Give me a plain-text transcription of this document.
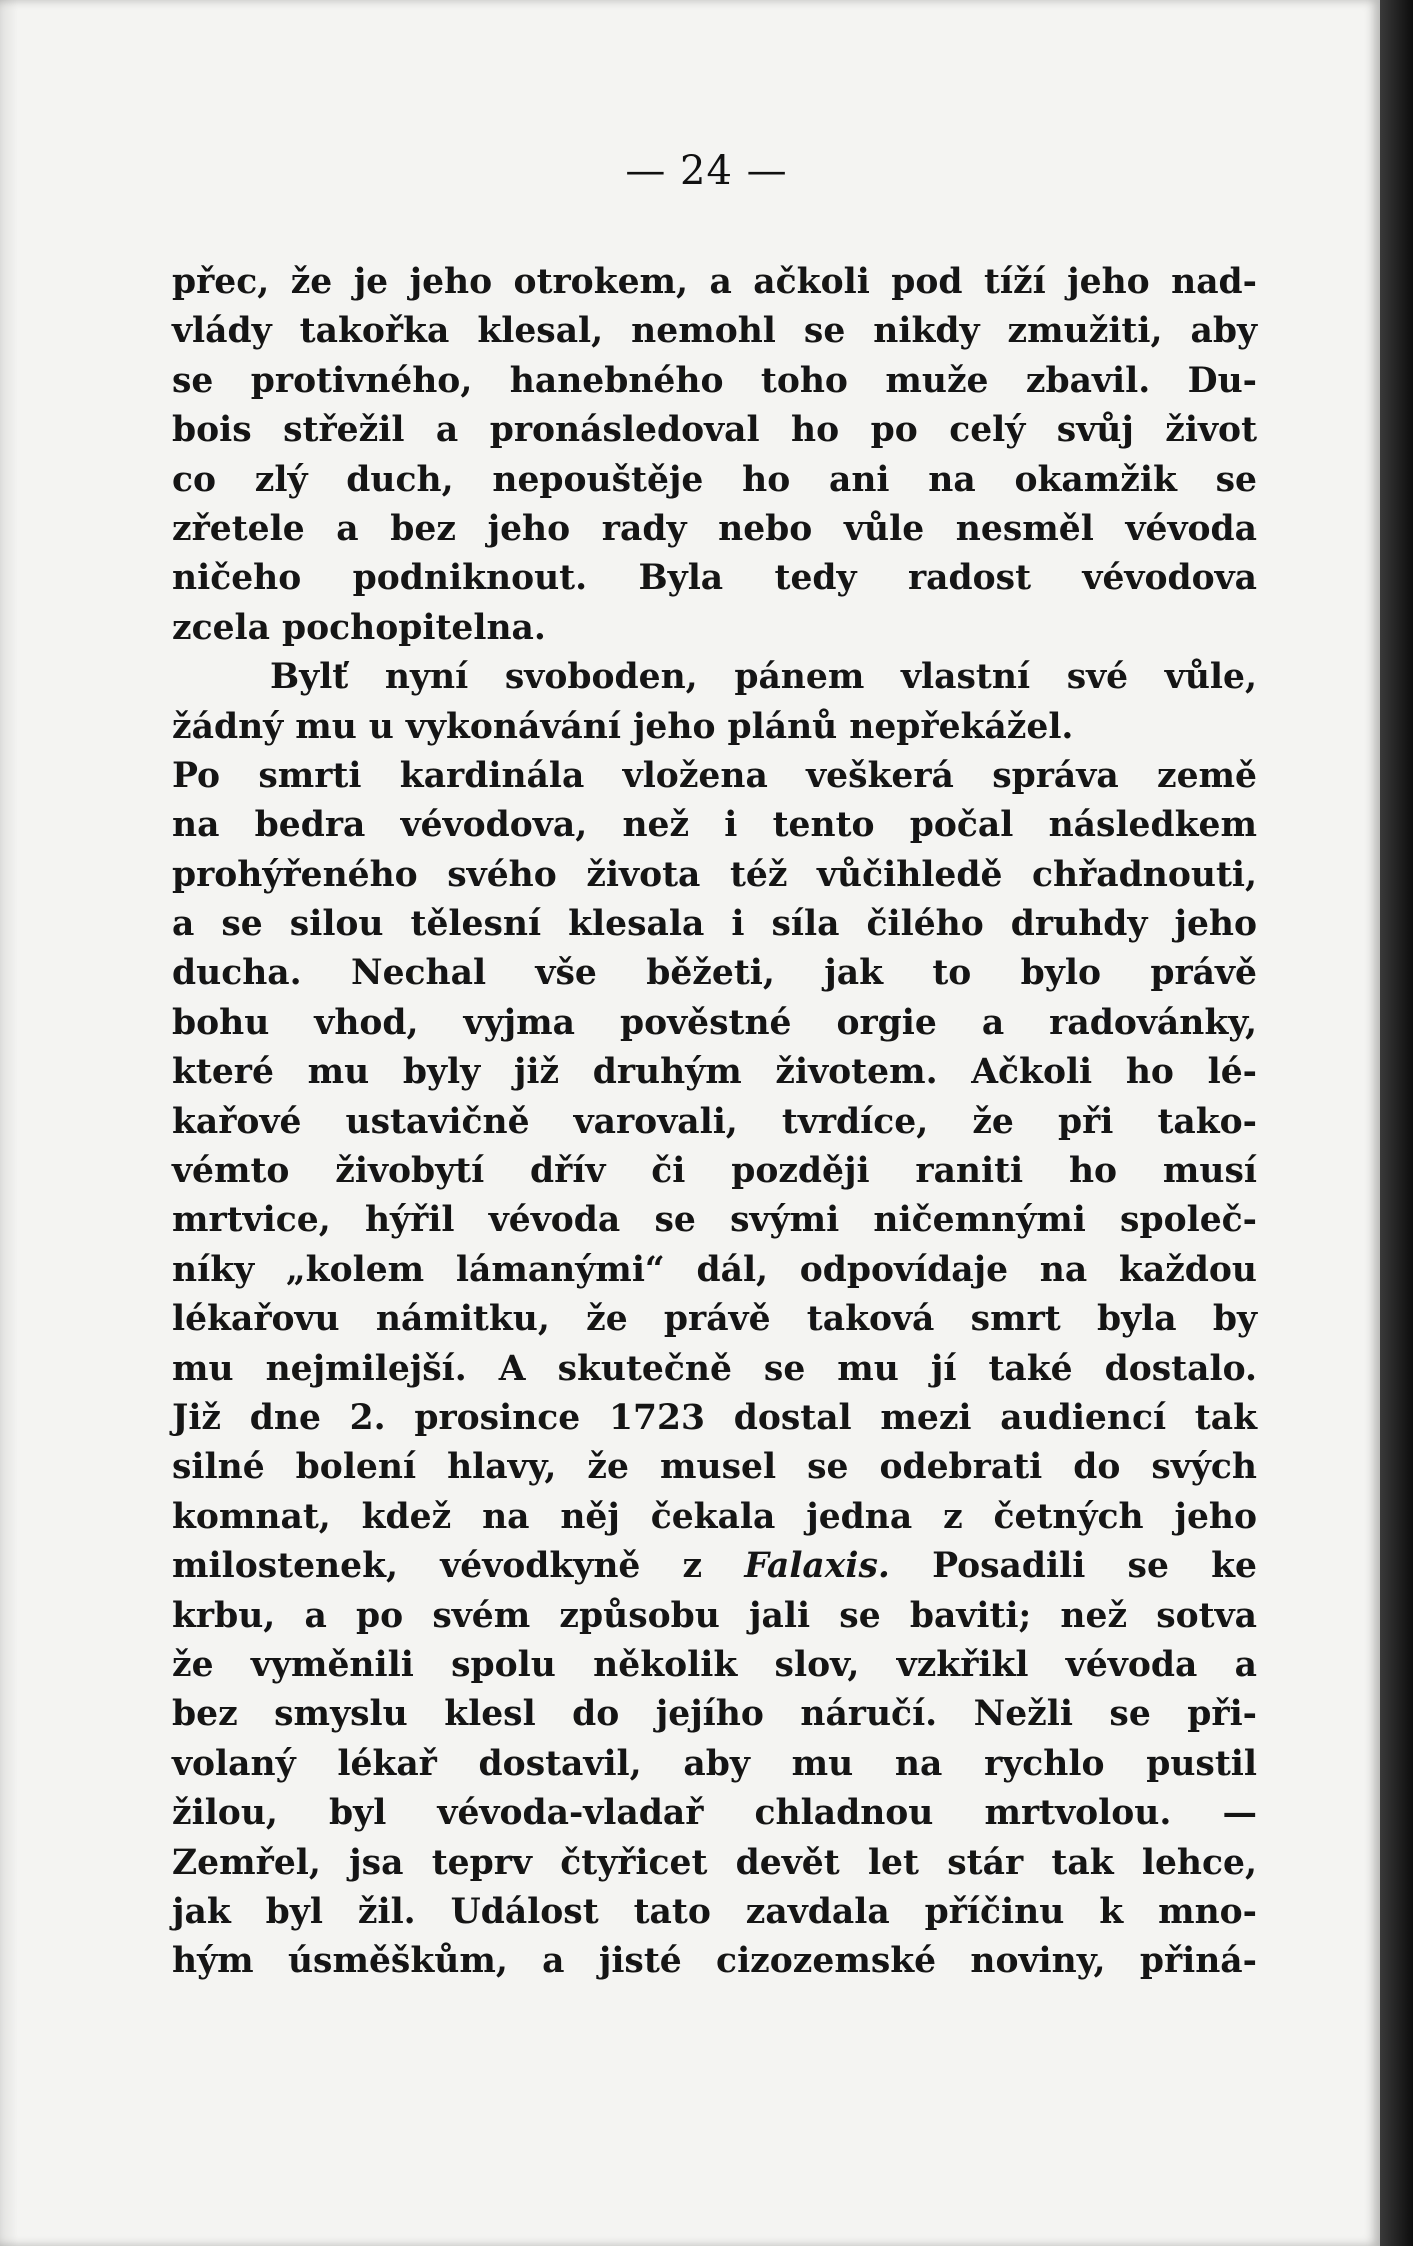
— 24 —
přec, že je jeho otrokem, a ačkoli pod tíží jeho nad-
vlády takořka klesal, nemohl se nikdy zmužiti, aby
se protivného, hanebného toho muže zbavil. Du-
bois střežil a pronásledoval ho po celý svůj život
co zlý duch, nepouštěje ho ani na okamžik se
zřetele a bez jeho rady nebo vůle nesměl vévoda
ničeho podniknout. Byla tedy radost vévodova
zcela pochopitelna.
Bylť nyní svoboden, pánem vlastní své vůle,
žádný mu u vykonávání jeho plánů nepřekážel.
Po smrti kardinála vložena veškerá správa země
na bedra vévodova, než i tento počal následkem
prohýřeného svého života též vůčihledě chřadnouti,
a se silou tělesní klesala i síla čilého druhdy jeho
ducha. Nechal vše běžeti, jak to bylo právě
bohu vhod, vyjma pověstné orgie a radovánky,
které mu byly již druhým životem. Ačkoli ho lé-
kařové ustavičně varovali, tvrdíce, že při tako-
vémto živobytí dřív či později raniti ho musí
mrtvice, hýřil vévoda se svými ničemnými společ-
níky „kolem lámanými“ dál, odpovídaje na každou
lékařovu námitku, že právě taková smrt byla by
mu nejmilejší. A skutečně se mu jí také dostalo.
Již dne 2. prosince 1723 dostal mezi audiencí tak
silné bolení hlavy, že musel se odebrati do svých
komnat, kdež na něj čekala jedna z četných jeho
milostenek, vévodkyně z Falaxis. Posadili se ke
krbu, a po svém způsobu jali se baviti; než sotva
že vyměnili spolu několik slov, vzkřikl vévoda a
bez smyslu klesl do jejího náručí. Nežli se při-
volaný lékař dostavil, aby mu na rychlo pustil
žilou, byl vévoda-vladař chladnou mrtvolou. —
Zemřel, jsa teprv čtyřicet devět let stár tak lehce,
jak byl žil. Událost tato zavdala příčinu k mno-
hým úsměškům, a jisté cizozemské noviny, přiná-
